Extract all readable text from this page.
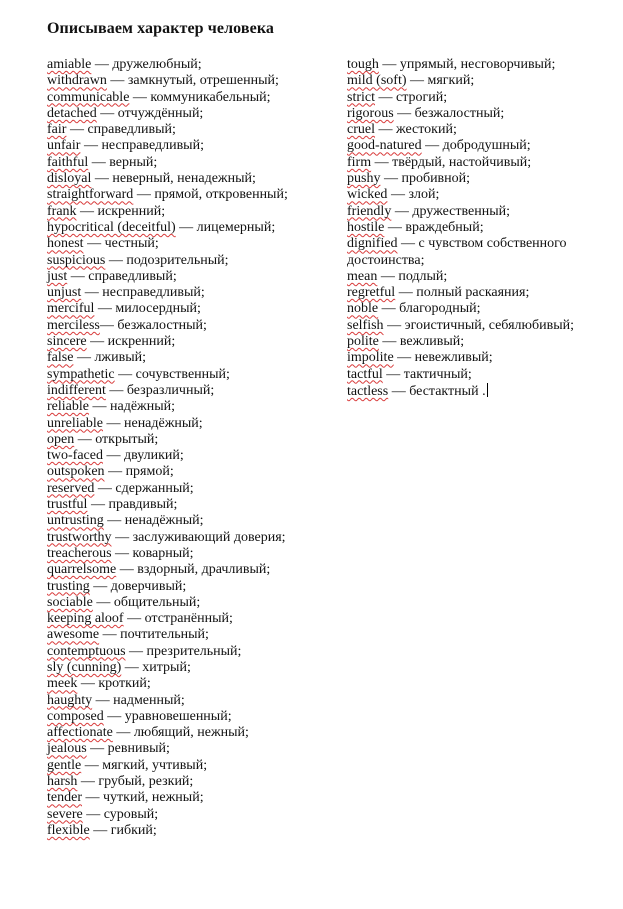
Описываем характер человека
amiable — дружелюбный;
withdrawn — замкнутый, отрешенный;
communicable — коммуникабельный;
detached — отчуждённый;
fair — справедливый;
unfair — несправедливый;
faithful — верный;
disloyal — неверный, ненадежный;
straightforward — прямой, откровенный;
frank — искренний;
hypocritical (deceitful) — лицемерный;
honest — честный;
suspicious — подозрительный;
just — справедливый;
unjust — несправедливый;
merciful — милосердный;
merciless— безжалостный;
sincere — искренний;
false — лживый;
sympathetic — сочувственный;
indifferent — безразличный;
reliable — надёжный;
unreliable — ненадёжный;
open — открытый;
two-faced — двуликий;
outspoken — прямой;
reserved — сдержанный;
trustful — правдивый;
untrusting — ненадёжный;
trustworthy — заслуживающий доверия;
treacherous — коварный;
quarrelsome — вздорный, драчливый;
trusting — доверчивый;
sociable — общительный;
keeping aloof — отстранённый;
awesome — почтительный;
contemptuous — презрительный;
sly (cunning) — хитрый;
meek — кроткий;
haughty — надменный;
composed — уравновешенный;
affectionate — любящий, нежный;
jealous — ревнивый;
gentle — мягкий, учтивый;
harsh — грубый, резкий;
tender — чуткий, нежный;
severe — суровый;
flexible — гибкий;
tough — упрямый, несговорчивый;
mild (soft) — мягкий;
strict — строгий;
rigorous — безжалостный;
cruel — жестокий;
good-natured — добродушный;
firm — твёрдый, настойчивый;
pushy — пробивной;
wicked — злой;
friendly — дружественный;
hostile — враждебный;
dignified — с чувством собственного достоинства;
mean — подлый;
regretful — полный раскаяния;
noble — благородный;
selfish — эгоистичный, себялюбивый;
polite — вежливый;
impolite — невежливый;
tactful — тактичный;
tactless — бестактный .
